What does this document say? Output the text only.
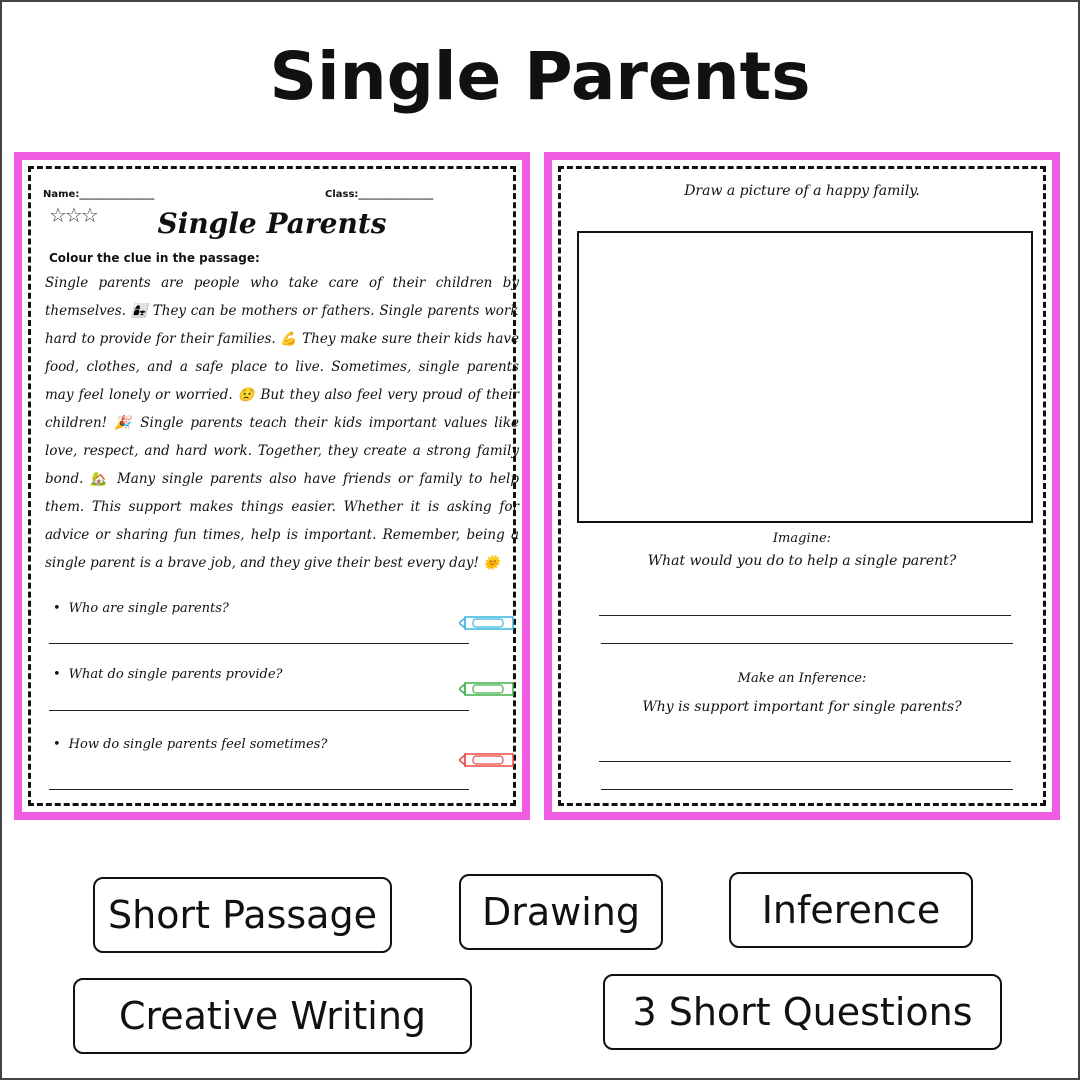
Single Parents
Name:_______________	Class:_______________
☆☆☆	Single Parents
Colour the clue in the passage:
Single parents are people who take care of their children by themselves. 👩‍👧 They can be mothers or fathers. Single parents work hard to provide for their families. 💪 They make sure their kids have food, clothes, and a safe place to live. Sometimes, single parents may feel lonely or worried. 😟 But they also feel very proud of their children! 🎉 Single parents teach their kids important values like love, respect, and hard work. Together, they create a strong family bond. 🏡 Many single parents also have friends or family to help them. This support makes things easier. Whether it is asking for advice or sharing fun times, help is important. Remember, being a single parent is a brave job, and they give their best every day! 🌞
• Who are single parents?
• What do single parents provide?
• How do single parents feel sometimes?
Draw a picture of a happy family.
Imagine:
What would you do to help a single parent?
Make an Inference:
Why is support important for single parents?
Short Passage	Drawing	Inference
Creative Writing	3 Short Questions
